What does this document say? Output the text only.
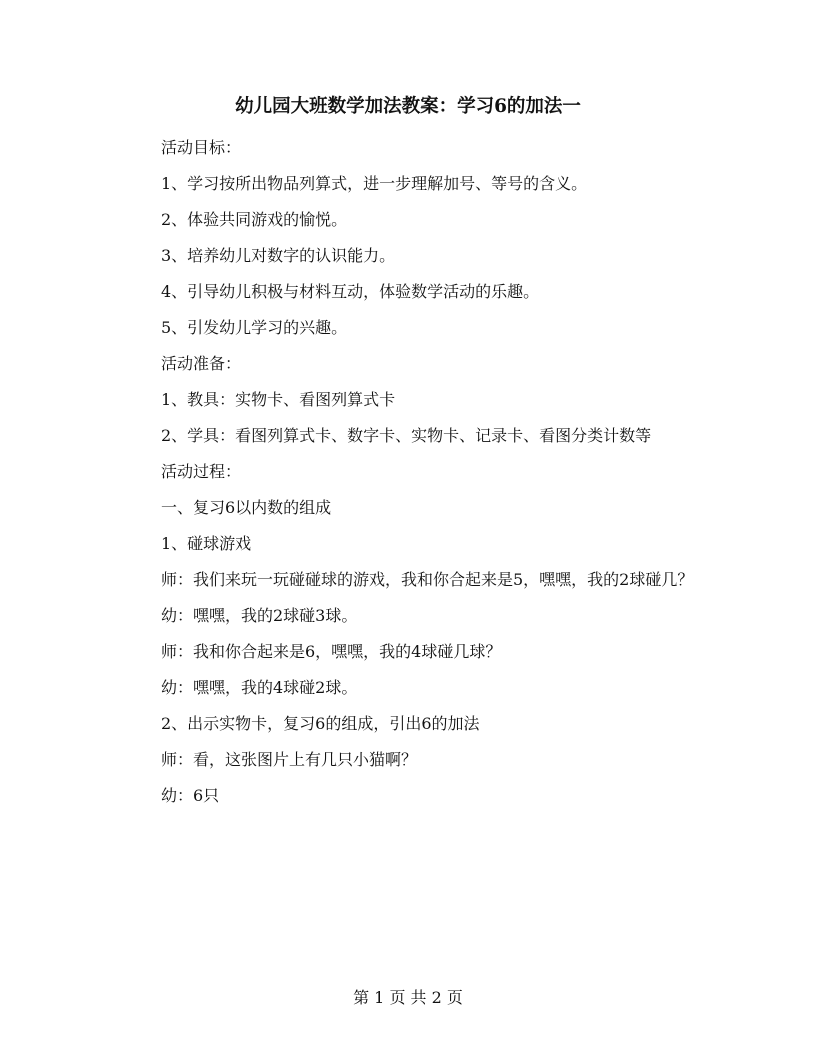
幼儿园大班数学加法教案：学习6的加法一

活动目标：

1、学习按所出物品列算式，进一步理解加号、等号的含义。

2、体验共同游戏的愉悦。

3、培养幼儿对数字的认识能力。

4、引导幼儿积极与材料互动，体验数学活动的乐趣。

5、引发幼儿学习的兴趣。

活动准备：

1、教具：实物卡、看图列算式卡

2、学具：看图列算式卡、数字卡、实物卡、记录卡、看图分类计数等

活动过程：

一、复习6以内数的组成

1、碰球游戏

师：我们来玩一玩碰碰球的游戏，我和你合起来是5，嘿嘿，我的2球碰几？

幼：嘿嘿，我的2球碰3球。

师：我和你合起来是6，嘿嘿，我的4球碰几球？

幼：嘿嘿，我的4球碰2球。

2、出示实物卡，复习6的组成，引出6的加法

师：看，这张图片上有几只小猫啊？

幼：6只

第 1 页 共 2 页
